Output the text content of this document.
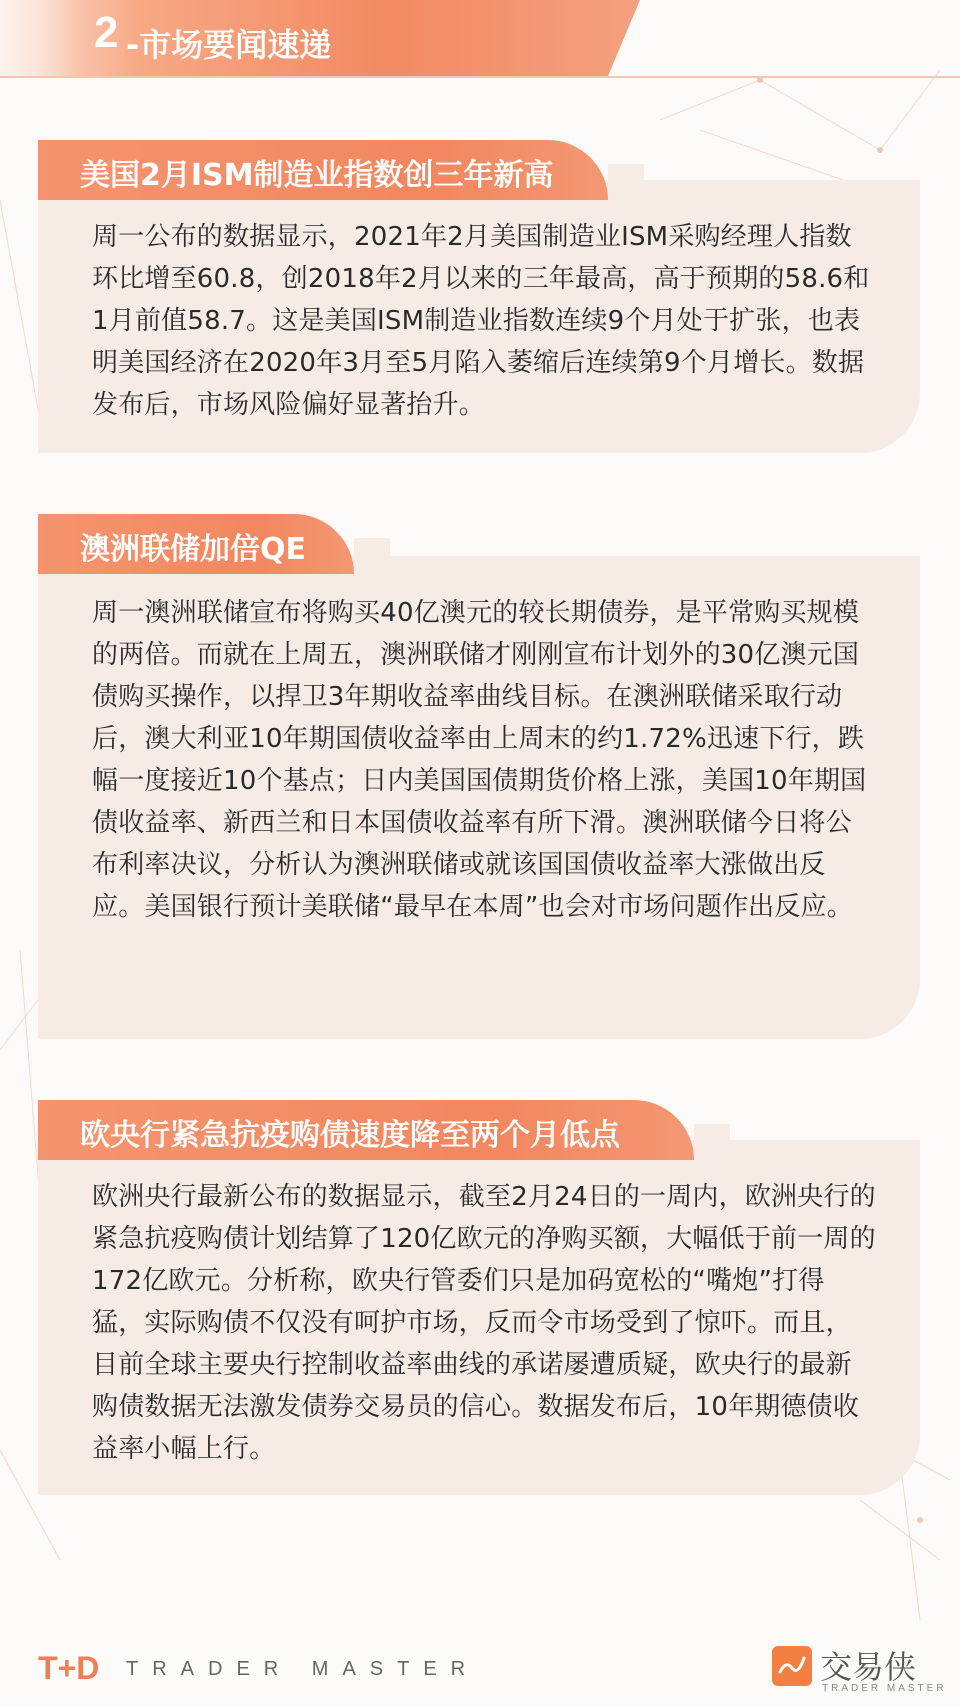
2 -市场要闻速递
美国2月ISM制造业指数创三年新高
周一公布的数据显示，2021年2月美国制造业ISM采购经理人指数环比增至60.8，创2018年2月以来的三年最高，高于预期的58.6和1月前值58.7。这是美国ISM制造业指数连续9个月处于扩张，也表明美国经济在2020年3月至5月陷入萎缩后连续第9个月增长。数据发布后，市场风险偏好显著抬升。
澳洲联储加倍QE
周一澳洲联储宣布将购买40亿澳元的较长期债券，是平常购买规模的两倍。而就在上周五，澳洲联储才刚刚宣布计划外的30亿澳元国债购买操作，以捍卫3年期收益率曲线目标。在澳洲联储采取行动后，澳大利亚10年期国债收益率由上周末的约1.72%迅速下行，跌幅一度接近10个基点；日内美国国债期货价格上涨，美国10年期国债收益率、新西兰和日本国债收益率有所下滑。澳洲联储今日将公布利率决议，分析认为澳洲联储或就该国国债收益率大涨做出反应。美国银行预计美联储“最早在本周”也会对市场问题作出反应。
欧央行紧急抗疫购债速度降至两个月低点
欧洲央行最新公布的数据显示，截至2月24日的一周内，欧洲央行的紧急抗疫购债计划结算了120亿欧元的净购买额，大幅低于前一周的172亿欧元。分析称，欧央行管委们只是加码宽松的“嘴炮”打得猛，实际购债不仅没有呵护市场，反而令市场受到了惊吓。而且，目前全球主要央行控制收益率曲线的承诺屡遭质疑，欧央行的最新购债数据无法激发债券交易员的信心。数据发布后，10年期德债收益率小幅上行。
T+D TRADER MASTER	交易侠
TRADER MASTER
